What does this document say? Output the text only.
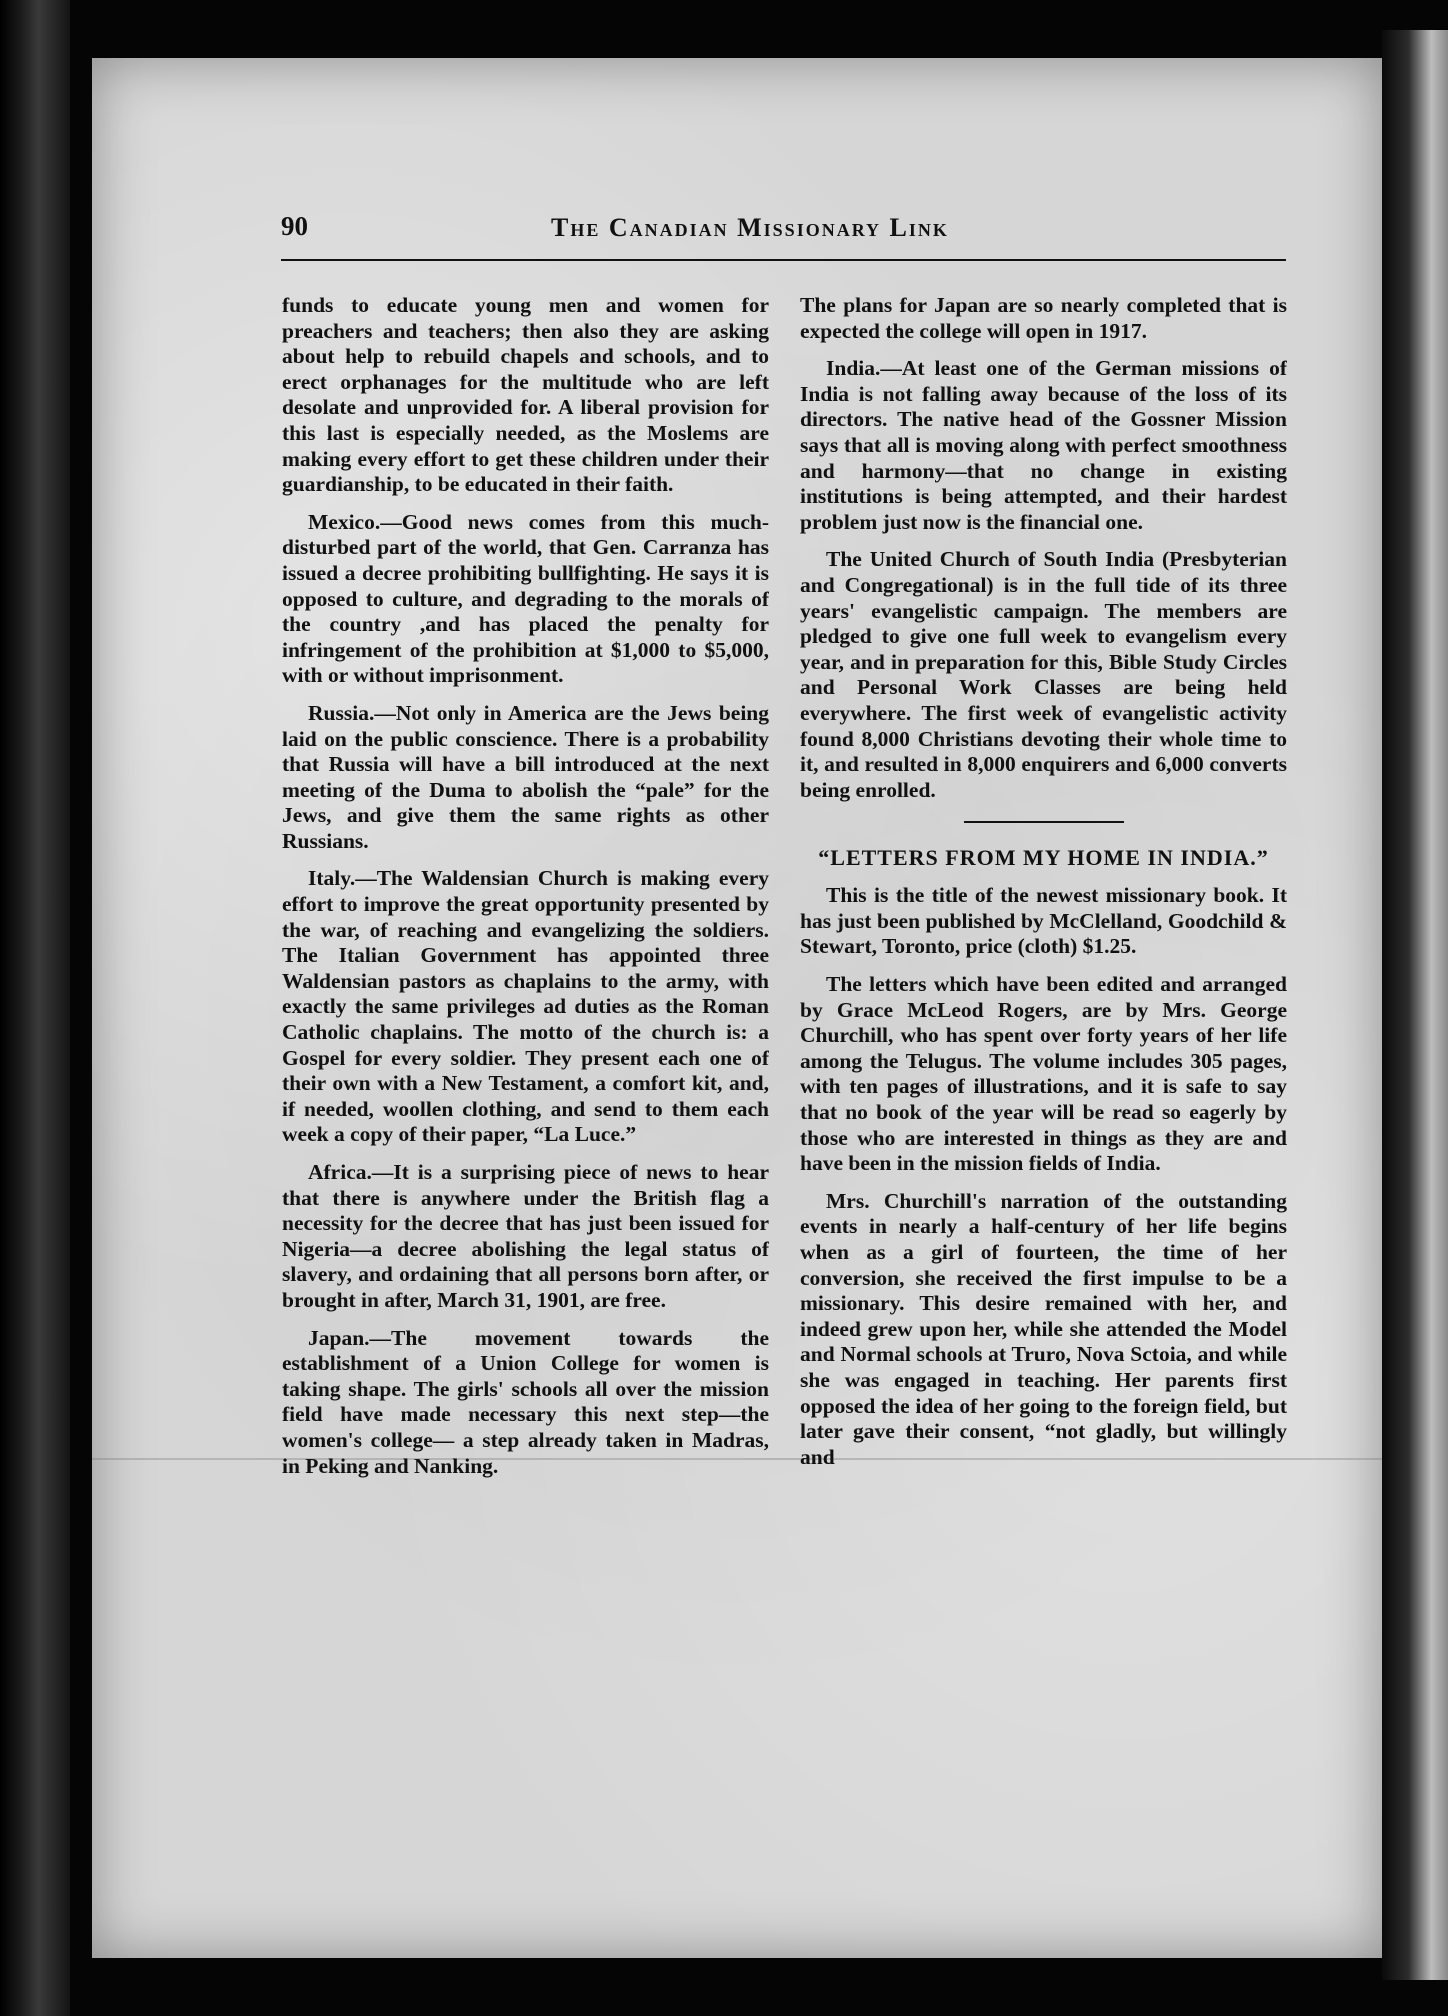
90	The Canadian Missionary Link

funds to educate young men and women for preachers and teachers; then also they are asking about help to rebuild chapels and schools, and to erect orphanages for the multitude who are left desolate and unprovided for. A liberal provision for this last is especially needed, as the Moslems are making every effort to get these children under their guardianship, to be educated in their faith.

Mexico.—Good news comes from this much-disturbed part of the world, that Gen. Carranza has issued a decree prohibiting bullfighting. He says it is opposed to culture, and degrading to the morals of the country ,and has placed the penalty for infringement of the prohibition at $1,000 to $5,000, with or without imprisonment.

Russia.—Not only in America are the Jews being laid on the public conscience. There is a probability that Russia will have a bill introduced at the next meeting of the Duma to abolish the “pale” for the Jews, and give them the same rights as other Russians.

Italy.—The Waldensian Church is making every effort to improve the great opportunity presented by the war, of reaching and evangelizing the soldiers. The Italian Government has appointed three Waldensian pastors as chaplains to the army, with exactly the same privileges ad duties as the Roman Catholic chaplains. The motto of the church is: a Gospel for every soldier. They present each one of their own with a New Testament, a comfort kit, and, if needed, woollen clothing, and send to them each week a copy of their paper, “La Luce.”

Africa.—It is a surprising piece of news to hear that there is anywhere under the British flag a necessity for the decree that has just been issued for Nigeria—a decree abolishing the legal status of slavery, and ordaining that all persons born after, or brought in after, March 31, 1901, are free.

Japan.—The movement towards the establishment of a Union College for women is taking shape. The girls' schools all over the mission field have made necessary this next step—the women's college— a step already taken in Madras, in Peking and Nanking.

The plans for Japan are so nearly completed that is expected the college will open in 1917.

India.—At least one of the German missions of India is not falling away because of the loss of its directors. The native head of the Gossner Mission says that all is moving along with perfect smoothness and harmony—that no change in existing institutions is being attempted, and their hardest problem just now is the financial one.

The United Church of South India (Presbyterian and Congregational) is in the full tide of its three years' evangelistic campaign. The members are pledged to give one full week to evangelism every year, and in preparation for this, Bible Study Circles and Personal Work Classes are being held everywhere. The first week of evangelistic activity found 8,000 Christians devoting their whole time to it, and resulted in 8,000 enquirers and 6,000 converts being enrolled.

“LETTERS FROM MY HOME IN INDIA.”

This is the title of the newest missionary book. It has just been published by McClelland, Goodchild & Stewart, Toronto, price (cloth) $1.25.

The letters which have been edited and arranged by Grace McLeod Rogers, are by Mrs. George Churchill, who has spent over forty years of her life among the Telugus. The volume includes 305 pages, with ten pages of illustrations, and it is safe to say that no book of the year will be read so eagerly by those who are interested in things as they are and have been in the mission fields of India.

Mrs. Churchill's narration of the outstanding events in nearly a half-century of her life begins when as a girl of fourteen, the time of her conversion, she received the first impulse to be a missionary. This desire remained with her, and indeed grew upon her, while she attended the Model and Normal schools at Truro, Nova Sctoia, and while she was engaged in teaching. Her parents first opposed the idea of her going to the foreign field, but later gave their consent, “not gladly, but willingly and
